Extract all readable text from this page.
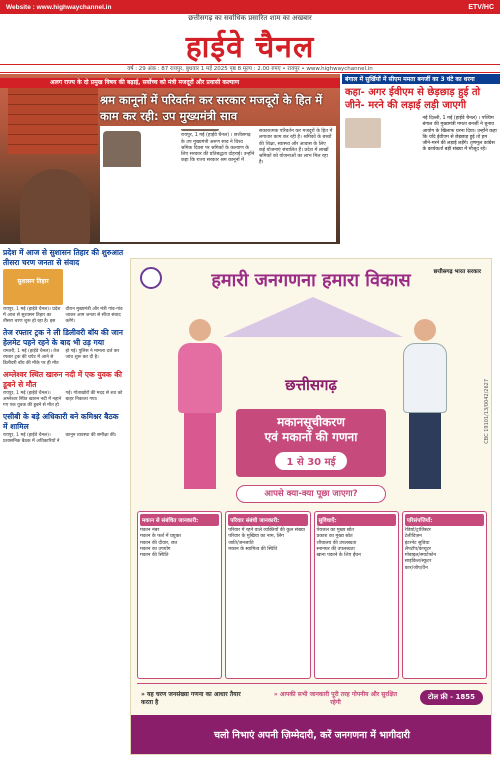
Website : www.highwaychannel.in	ETV/HC
छत्तीसगढ़ का सर्वाधिक प्रसारित शाम का अखबार
हाईवे चैनल
वर्ष : 29 अंक : 87 रायपुर, बुधवार 1 मई 2025 पृष्ठ 8 मूल्य : 2.00 रुपए • रायपुर • www.highwaychannel.in
अलग राज्य के दो प्रमुख विषय की बढ़ाई, सर्वोच्च को मंत्री मजदूरों और प्रवासी कल्याण
श्रम कानूनों में परिवर्तन कर सरकार मजदूरों के हित में काम कर रही: उप मुख्यमंत्री साव
रायपुर, 1 मई (हाईवे चैनल) । छत्तीसगढ़ के उप मुख्यमंत्री अरुण साव ने विश्व श्रमिक दिवस पर श्रमिकों के कल्याण के लिए सरकार की प्रतिबद्धता दोहराई। उन्होंने कहा कि राज्य सरकार श्रम कानूनों में सकारात्मक परिवर्तन कर मजदूरों के हित में लगातार काम कर रही है। श्रमिकों के बच्चों की शिक्षा, स्वास्थ्य और आवास के लिए कई योजनाएं संचालित हैं। प्रदेश में लाखों श्रमिकों को योजनाओं का लाभ मिल रहा है।
बंगाल में सुर्खियों में सीएम ममता बनर्जी का 3 घंटे का धरना
कहा- अगर ईवीएम से छेड़छाड़ हुई तो जीने- मरने की लड़ाई लड़ी जाएगी
नई दिल्ली, 1 मई (हाईवे चैनल) । पश्चिम बंगाल की मुख्यमंत्री ममता बनर्जी ने चुनाव आयोग के खिलाफ धरना दिया। उन्होंने कहा कि यदि ईवीएम से छेड़छाड़ हुई तो हम जीने-मरने की लड़ाई लड़ेंगे। तृणमूल कांग्रेस के कार्यकर्ता बड़ी संख्या में मौजूद रहे।
प्रदेश में आज से सुशासन तिहार की शुरुआत तीसरा चरण जनता से संवाद
सुशासन तिहार
रायपुर, 1 मई (हाईवे चैनल)। प्रदेश में आज से सुशासन तिहार का तीसरा चरण शुरू हो रहा है। इस दौरान मुख्यमंत्री और मंत्री गांव-गांव जाकर आम जनता से सीधा संवाद करेंगे।
तेज रफ्तार ट्रक ने ली डिलीवरी बॉय की जान हेलमेट पहने रहने के बाद भी उड़ गया
धमतरी, 1 मई (हाईवे चैनल)। तेज रफ्तार ट्रक की चपेट में आने से डिलीवरी बॉय की मौके पर ही मौत हो गई। पुलिस ने मामला दर्ज कर जांच शुरू कर दी है।
अम्लेश्वर स्थित खारुन नदी में एक युवक की डूबने से मौत
रायपुर, 1 मई (हाईवे चैनल)। अम्लेश्वर स्थित खारुन नदी में नहाने गए एक युवक की डूबने से मौत हो गई। गोताखोरों की मदद से शव को बाहर निकाला गया।
एसीबी के बड़े अधिकारी बने कमिश्नर बैठक में शामिल
रायपुर, 1 मई (हाईवे चैनल)। प्रशासनिक बैठक में अधिकारियों ने कानून व्यवस्था की समीक्षा की।
छत्तीसगढ़ भारत सरकार
हमारी जनगणना हमारा विकास
छत्तीसगढ़
मकानसूचीकरण
एवं मकानों की गणना
1 से 30 मई
आपसे क्या-क्या पूछा जाएगा?
मकान से संबंधित जानकारी:
मकान नंबर
मकान के फर्श में प्रयुक्त
मकान की दीवार, छत
मकान का उपयोग
मकान की स्थिति
परिवार संबंधी जानकारी:
परिवार में रहने वाले व्यक्तियों की कुल संख्या
परिवार के मुखिया का नाम, लिंग
जाति/जनजाति
मकान के स्वामित्व की स्थिति
सुविधाएँ:
पेयजल का मुख्य स्रोत
प्रकाश का मुख्य स्रोत
शौचालय की उपलब्धता
स्नानघर की उपलब्धता
खाना पकाने के लिए ईंधन
परिसंपत्तियाँ:
रेडियो/ट्रांजिस्टर
टेलीविज़न
इंटरनेट सुविधा
लैपटॉप/कंप्यूटर
मोबाइल/स्मार्टफोन
साइकिल/स्कूटर
कार/जीप/वैन
» यह चरण जनसंख्या गणना का आधार तैयार करता है
» आपकी सभी जानकारी पूरी तरह गोपनीय और सुरक्षित रहेगी
टोल फ्री - 1855
चलो निभाएं अपनी ज़िम्मेदारी, करें जनगणना में भागीदारी
CBC 19101/13/0042/2627
